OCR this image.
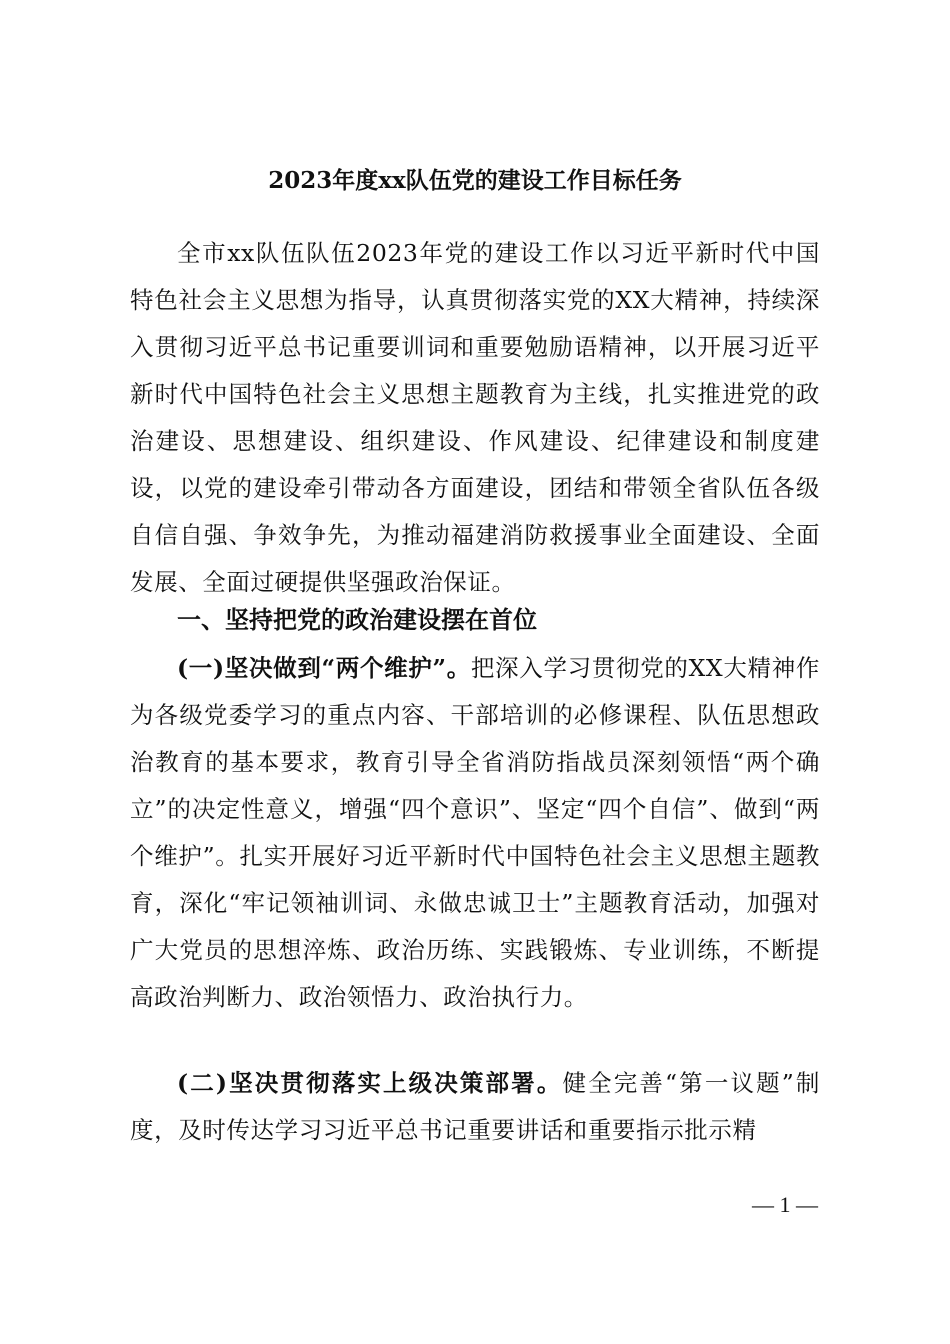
2023年度xx队伍党的建设工作目标任务

全市xx队伍队伍2023年党的建设工作以习近平新时代中国特色社会主义思想为指导，认真贯彻落实党的XX大精神，持续深入贯彻习近平总书记重要训词和重要勉励语精神，以开展习近平新时代中国特色社会主义思想主题教育为主线，扎实推进党的政治建设、思想建设、组织建设、作风建设、纪律建设和制度建设，以党的建设牵引带动各方面建设，团结和带领全省队伍各级自信自强、争效争先，为推动福建消防救援事业全面建设、全面发展、全面过硬提供坚强政治保证。

一、坚持把党的政治建设摆在首位

(一)坚决做到“两个维护”。把深入学习贯彻党的XX大精神作为各级党委学习的重点内容、干部培训的必修课程、队伍思想政治教育的基本要求，教育引导全省消防指战员深刻领悟“两个确立”的决定性意义，增强“四个意识”、坚定“四个自信”、做到“两个维护”。扎实开展好习近平新时代中国特色社会主义思想主题教育，深化“牢记领袖训词、永做忠诚卫士”主题教育活动，加强对广大党员的思想淬炼、政治历练、实践锻炼、专业训练，不断提高政治判断力、政治领悟力、政治执行力。

(二)坚决贯彻落实上级决策部署。健全完善“第一议题”制度，及时传达学习习近平总书记重要讲话和重要指示批示精

— 1 —
